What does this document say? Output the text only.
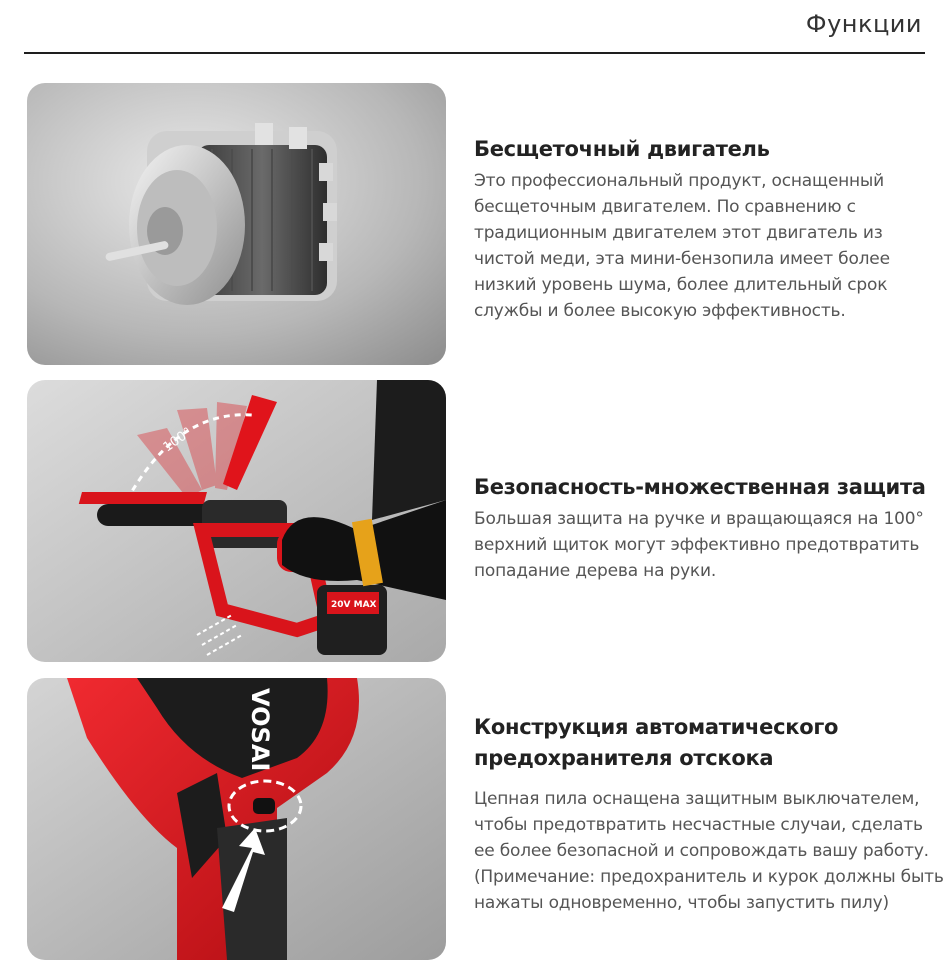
Функции
Бесщеточный двигатель

Это профессиональный продукт, оснащенный бесщеточным двигателем. По сравнению с традиционным двигателем этот двигатель из чистой меди, эта мини-бензопила имеет более низкий уровень шума, более длительный срок службы и более высокую эффективность.

100°
20V MAX
Безопасность-множественная защита

Большая защита на ручке и вращающаяся на 100° верхний щиток могут эффективно предотвратить попадание дерева на руки.

VOSAI	Конструкция автоматического предохранителя отскока

Цепная пила оснащена защитным выключателем, чтобы предотвратить несчастные случаи, сделать ее более безопасной и сопровождать вашу работу. (Примечание: предохранитель и курок должны быть нажаты одновременно, чтобы запустить пилу)
